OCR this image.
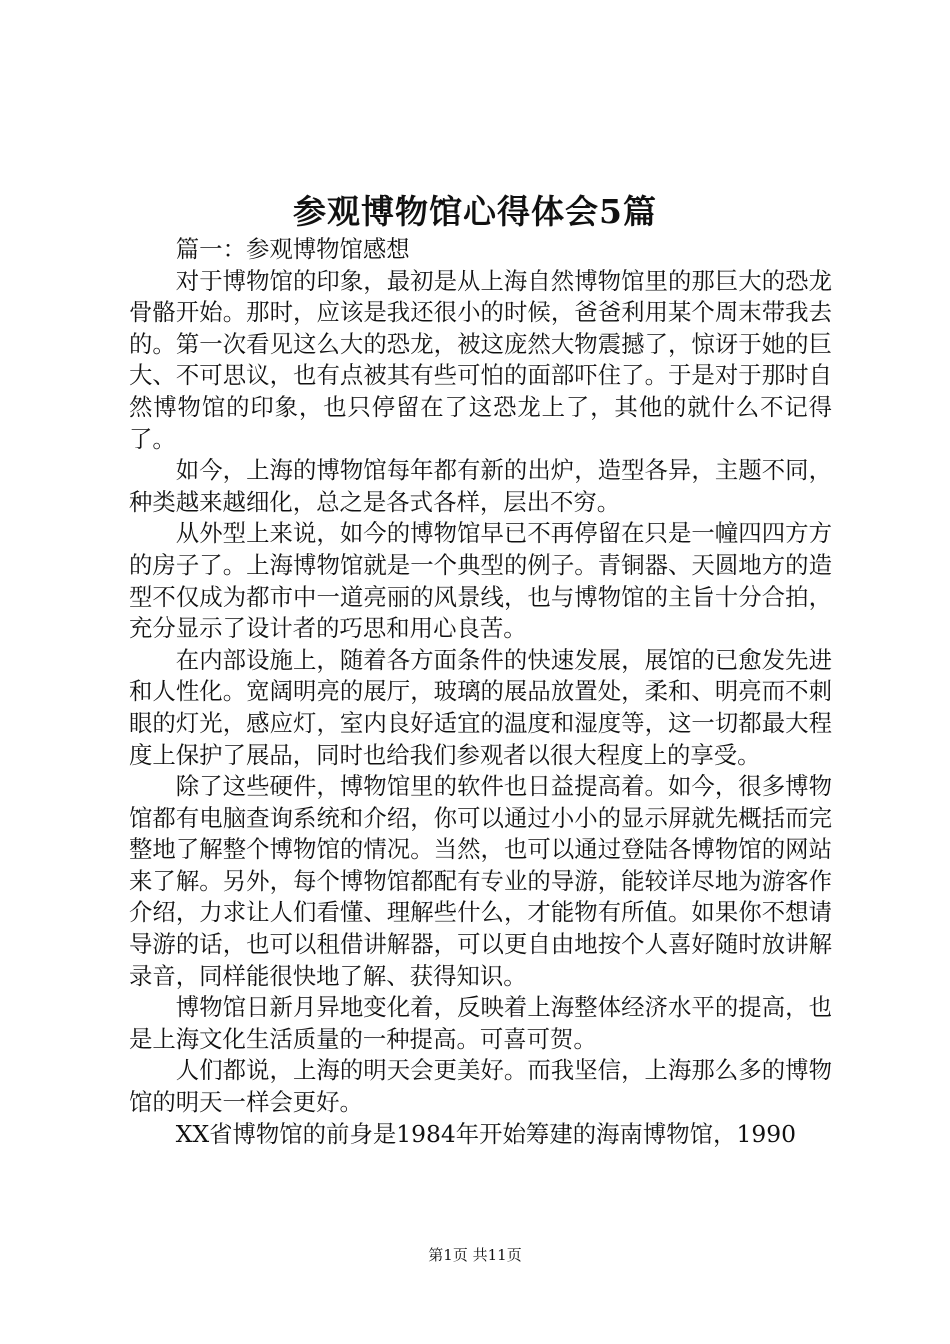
参观博物馆心得体会5篇

篇一：参观博物馆感想

对于博物馆的印象，最初是从上海自然博物馆里的那巨大的恐龙骨骼开始。那时，应该是我还很小的时候，爸爸利用某个周末带我去的。第一次看见这么大的恐龙，被这庞然大物震撼了，惊讶于她的巨大、不可思议，也有点被其有些可怕的面部吓住了。于是对于那时自然博物馆的印象，也只停留在了这恐龙上了，其他的就什么不记得了。

如今，上海的博物馆每年都有新的出炉，造型各异，主题不同，种类越来越细化，总之是各式各样，层出不穷。

从外型上来说，如今的博物馆早已不再停留在只是一幢四四方方的房子了。上海博物馆就是一个典型的例子。青铜器、天圆地方的造型不仅成为都市中一道亮丽的风景线，也与博物馆的主旨十分合拍，充分显示了设计者的巧思和用心良苦。

在内部设施上，随着各方面条件的快速发展，展馆的已愈发先进和人性化。宽阔明亮的展厅，玻璃的展品放置处，柔和、明亮而不刺眼的灯光，感应灯，室内良好适宜的温度和湿度等，这一切都最大程度上保护了展品，同时也给我们参观者以很大程度上的享受。

除了这些硬件，博物馆里的软件也日益提高着。如今，很多博物馆都有电脑查询系统和介绍，你可以通过小小的显示屏就先概括而完整地了解整个博物馆的情况。当然，也可以通过登陆各博物馆的网站来了解。另外，每个博物馆都配有专业的导游，能较详尽地为游客作介绍，力求让人们看懂、理解些什么，才能物有所值。如果你不想请导游的话，也可以租借讲解器，可以更自由地按个人喜好随时放讲解录音，同样能很快地了解、获得知识。

博物馆日新月异地变化着，反映着上海整体经济水平的提高，也是上海文化生活质量的一种提高。可喜可贺。

人们都说，上海的明天会更美好。而我坚信，上海那么多的博物馆的明天一样会更好。

XX省博物馆的前身是1984年开始筹建的海南博物馆，1990

第1页 共11页
